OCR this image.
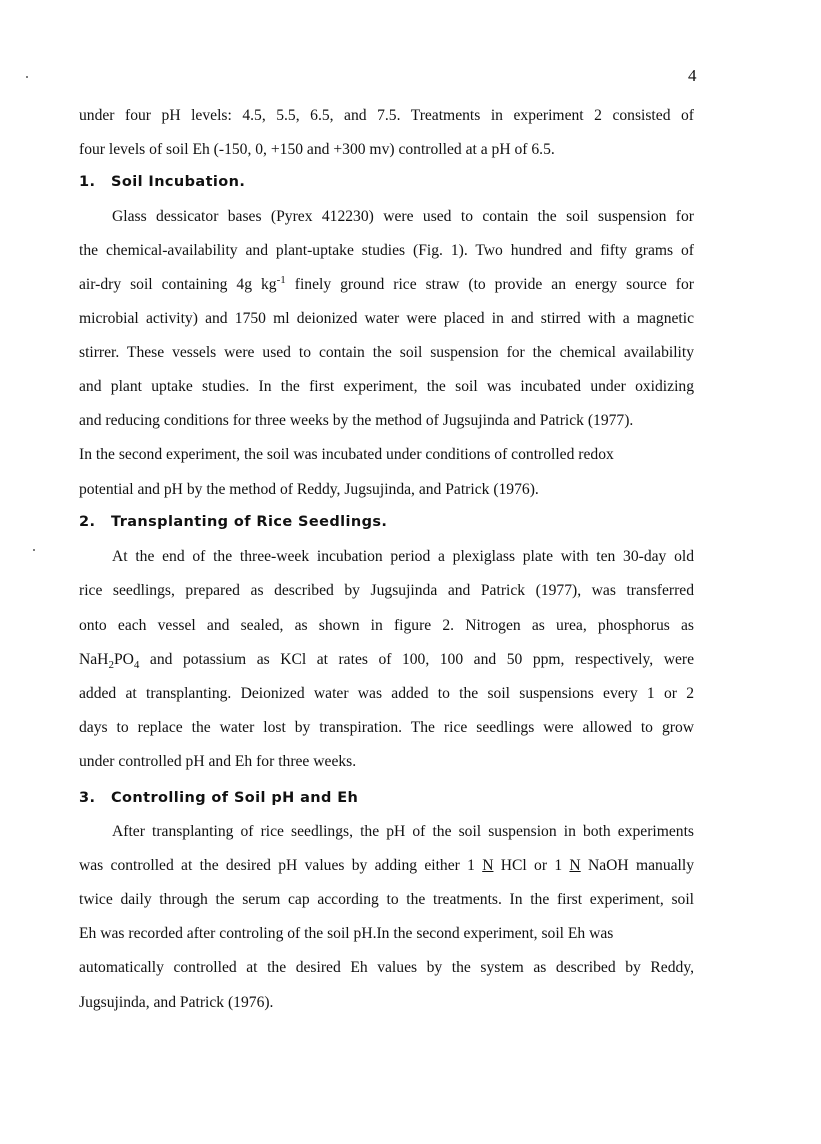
4
under four pH levels: 4.5, 5.5, 6.5, and 7.5. Treatments in experiment 2 consisted of
four levels of soil Eh (-150, 0, +150 and +300 mv) controlled at a pH of 6.5.
1. Soil Incubation.
Glass dessicator bases (Pyrex 412230) were used to contain the soil suspension for
the chemical-availability and plant-uptake studies (Fig. 1). Two hundred and fifty grams of
air-dry soil containing 4g $kg^{-1}$ finely ground rice straw (to provide an energy source for
microbial activity) and 1750 ml deionized water were placed in and stirred with a magnetic
stirrer. These vessels were used to contain the soil suspension for the chemical availability
and plant uptake studies. In the first experiment, the soil was incubated under oxidizing
and reducing conditions for three weeks by the method of Jugsujinda and Patrick (1977).
In the second experiment, the soil was incubated under conditions of controlled redox
potential and pH by the method of Reddy, Jugsujinda, and Patrick (1976).
2. Transplanting of Rice Seedlings.
At the end of the three-week incubation period a plexiglass plate with ten 30-day old
rice seedlings, prepared as described by Jugsujinda and Patrick (1977), was transferred
onto each vessel and sealed, as shown in figure 2. Nitrogen as urea, phosphorus as
$NaH_2PO_4$ and potassium as KCl at rates of 100, 100 and 50 ppm, respectively, were
added at transplanting. Deionized water was added to the soil suspensions every 1 or 2
days to replace the water lost by transpiration. The rice seedlings were allowed to grow
under controlled pH and Eh for three weeks.
3. Controlling of Soil pH and Eh
After transplanting of rice seedlings, the pH of the soil suspension in both experiments
was controlled at the desired pH values by adding either 1 N HCl or 1 N NaOH manually
twice daily through the serum cap according to the treatments. In the first experiment, soil
Eh was recorded after controling of the soil pH.In the second experiment, soil Eh was
automatically controlled at the desired Eh values by the system as described by Reddy,
Jugsujinda, and Patrick (1976).
